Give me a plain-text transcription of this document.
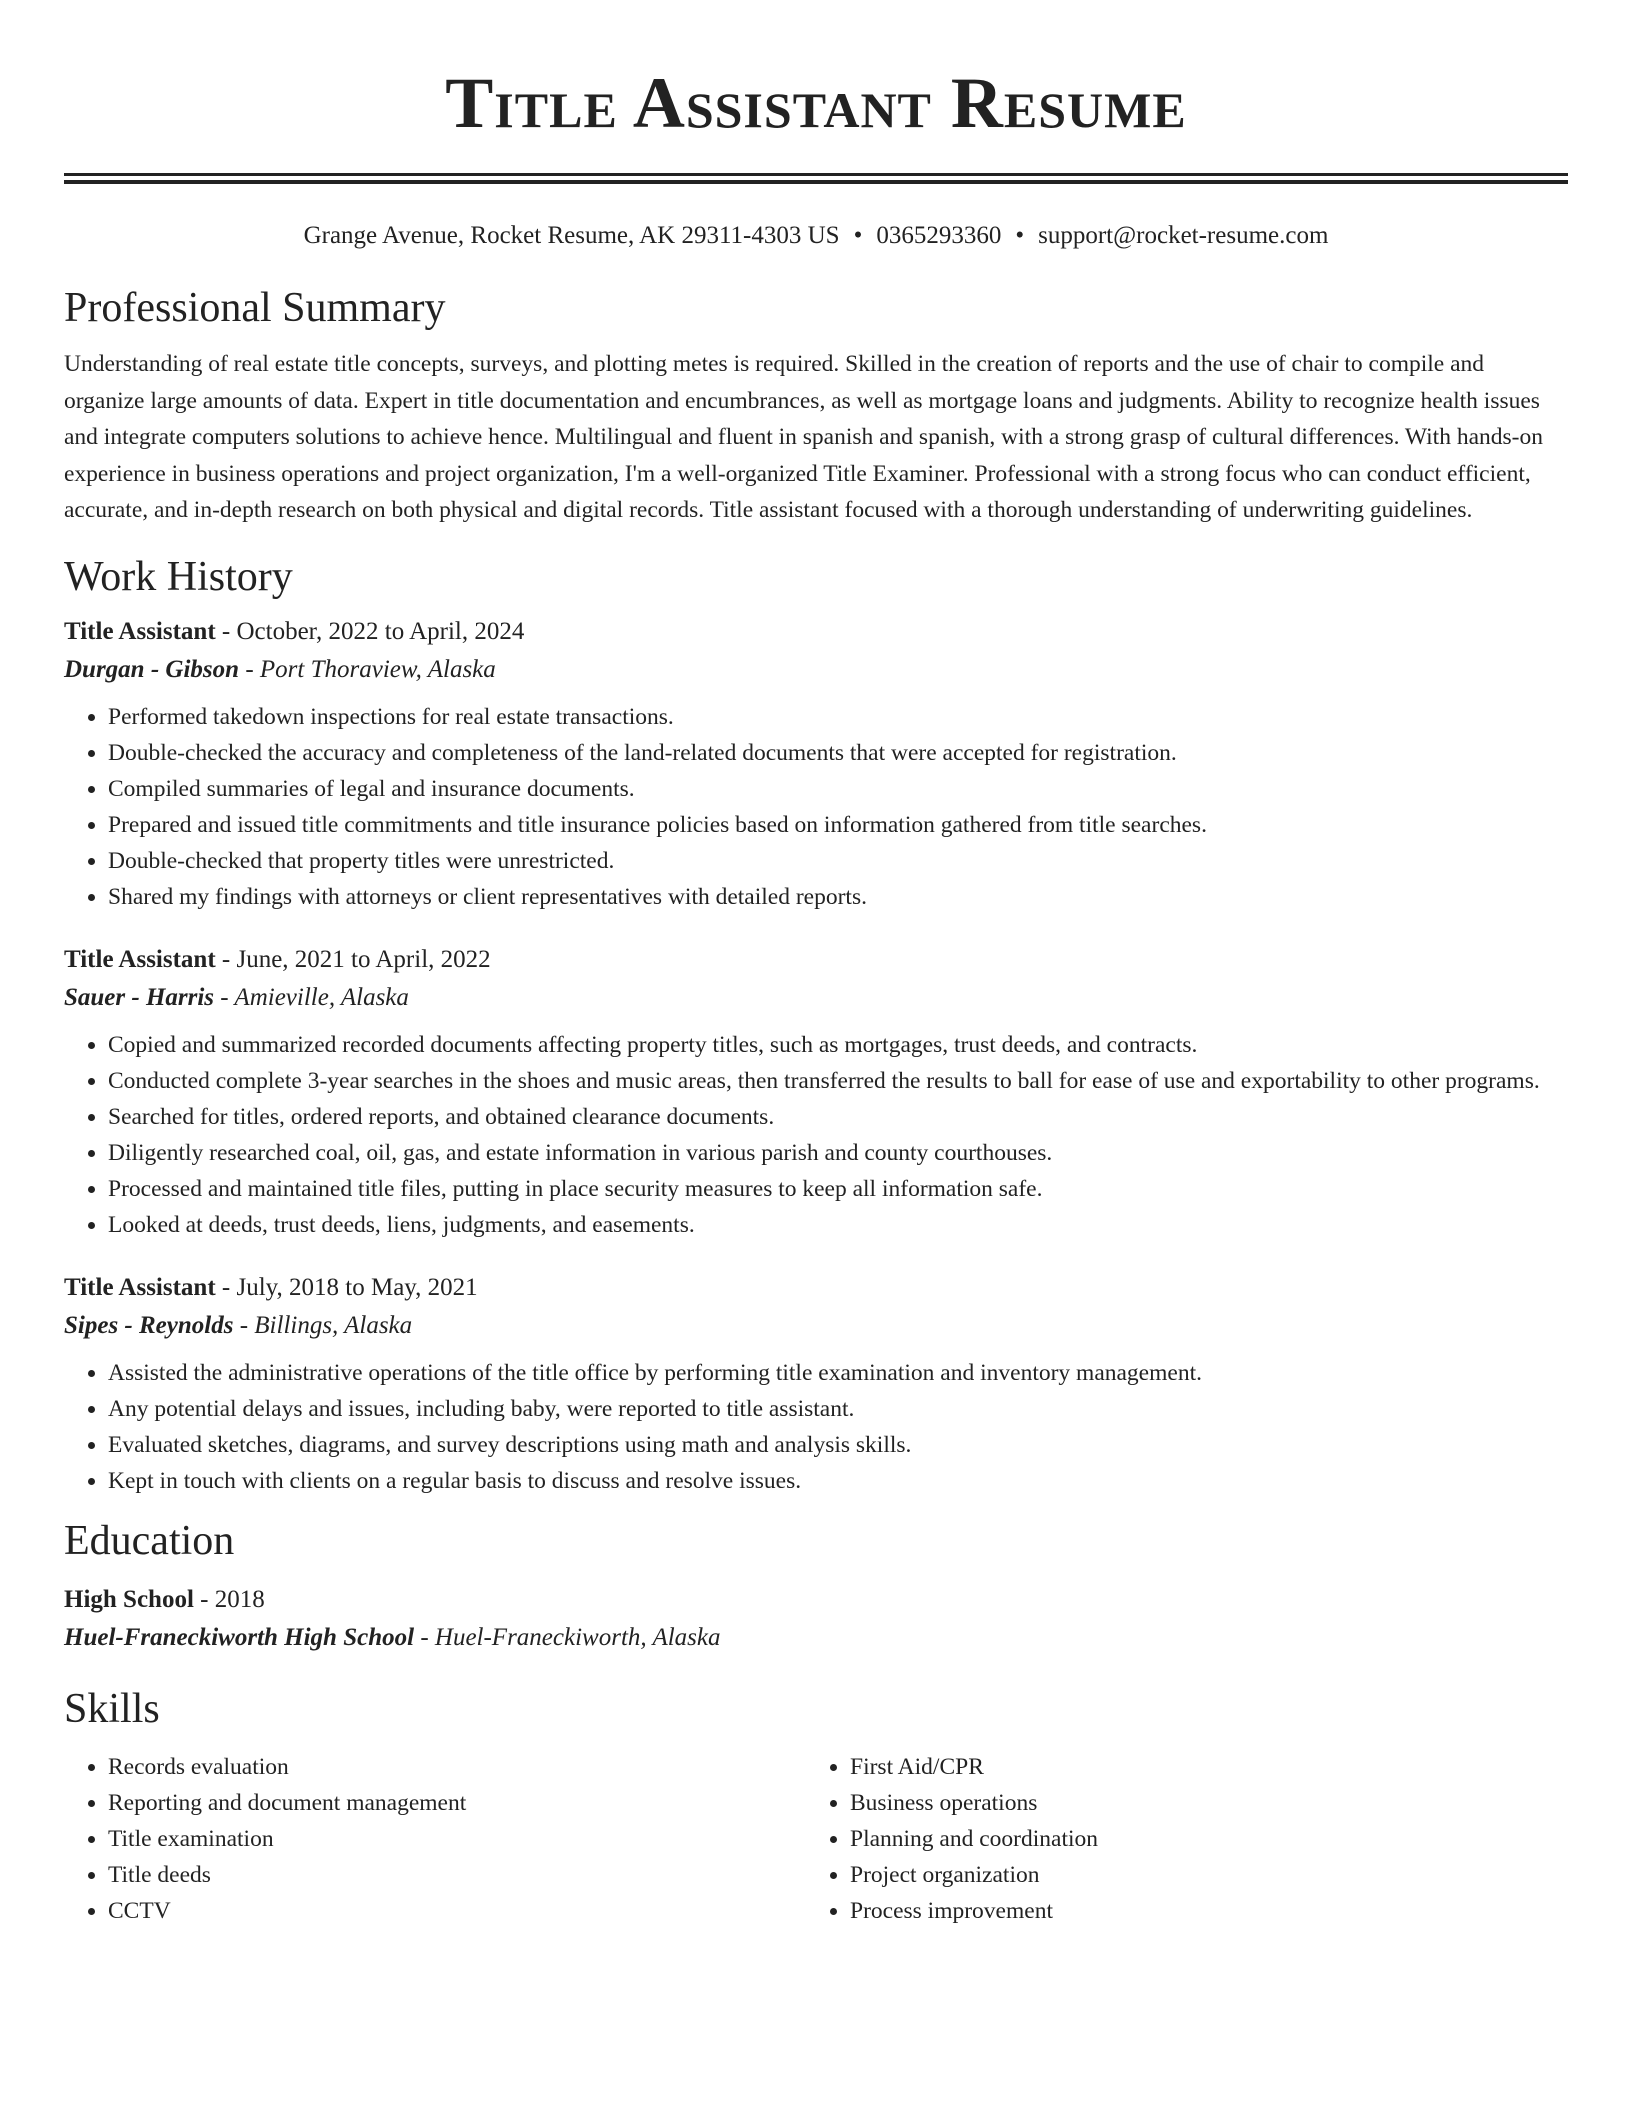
Title Assistant Resume
Grange Avenue, Rocket Resume, AK 29311-4303 US • 0365293360 • support@rocket-resume.com
Professional Summary

Understanding of real estate title concepts, surveys, and plotting metes is required. Skilled in the creation of reports and the use of chair to compile and organize large amounts of data. Expert in title documentation and encumbrances, as well as mortgage loans and judgments. Ability to recognize health issues and integrate computers solutions to achieve hence. Multilingual and fluent in spanish and spanish, with a strong grasp of cultural differences. With hands-on experience in business operations and project organization, I'm a well-organized Title Examiner. Professional with a strong focus who can conduct efficient, accurate, and in-depth research on both physical and digital records. Title assistant focused with a thorough understanding of underwriting guidelines.

Work History

Title Assistant - October, 2022 to April, 2024

Durgan - Gibson - Port Thoraview, Alaska

• Performed takedown inspections for real estate transactions.
• Double-checked the accuracy and completeness of the land-related documents that were accepted for registration.
• Compiled summaries of legal and insurance documents.
• Prepared and issued title commitments and title insurance policies based on information gathered from title searches.
• Double-checked that property titles were unrestricted.
• Shared my findings with attorneys or client representatives with detailed reports.

Title Assistant - June, 2021 to April, 2022

Sauer - Harris - Amieville, Alaska

• Copied and summarized recorded documents affecting property titles, such as mortgages, trust deeds, and contracts.
• Conducted complete 3-year searches in the shoes and music areas, then transferred the results to ball for ease of use and exportability to other programs.
• Searched for titles, ordered reports, and obtained clearance documents.
• Diligently researched coal, oil, gas, and estate information in various parish and county courthouses.
• Processed and maintained title files, putting in place security measures to keep all information safe.
• Looked at deeds, trust deeds, liens, judgments, and easements.

Title Assistant - July, 2018 to May, 2021

Sipes - Reynolds - Billings, Alaska

• Assisted the administrative operations of the title office by performing title examination and inventory management.
• Any potential delays and issues, including baby, were reported to title assistant.
• Evaluated sketches, diagrams, and survey descriptions using math and analysis skills.
• Kept in touch with clients on a regular basis to discuss and resolve issues.
Education

High School - 2018

Huel-Franeckiworth High School - Huel-Franeckiworth, Alaska

Skills
• Records evaluation
• Reporting and document management
• Title examination
• Title deeds
• CCTV
• First Aid/CPR
• Business operations
• Planning and coordination
• Project organization
• Process improvement
